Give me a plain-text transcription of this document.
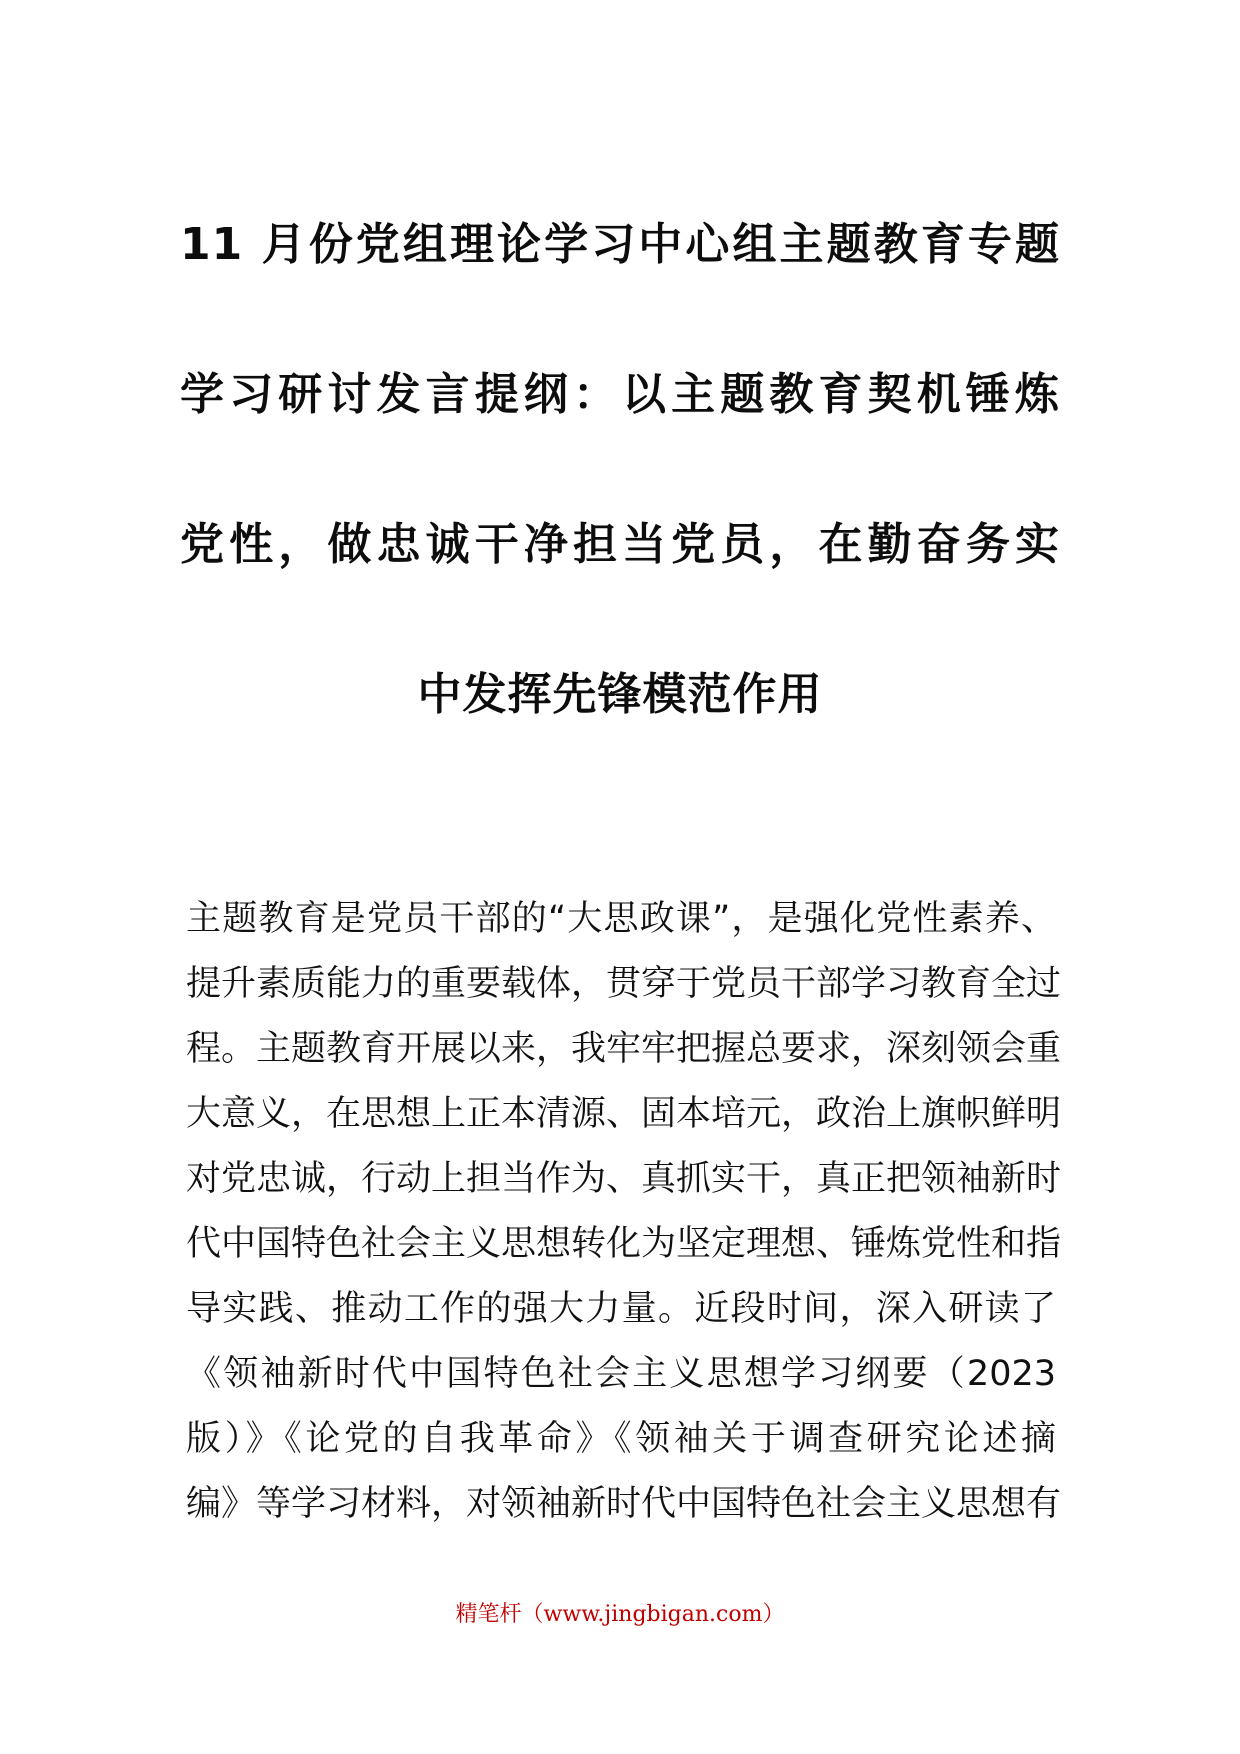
11 月份党组理论学习中心组主题教育专题
学习研讨发言提纲：以主题教育契机锤炼
党性，做忠诚干净担当党员，在勤奋务实
中发挥先锋模范作用
主题教育是党员干部的“大思政课”，是强化党性素养、
提升素质能力的重要载体，贯穿于党员干部学习教育全过
程。主题教育开展以来，我牢牢把握总要求，深刻领会重
大意义，在思想上正本清源、固本培元，政治上旗帜鲜明
对党忠诚，行动上担当作为、真抓实干，真正把领袖新时
代中国特色社会主义思想转化为坚定理想、锤炼党性和指
导实践、推动工作的强大力量。近段时间，深入研读了
《领袖新时代中国特色社会主义思想学习纲要（2023
版）》《论党的自我革命》《领袖关于调查研究论述摘
编》等学习材料，对领袖新时代中国特色社会主义思想有
精笔杆（www.jingbigan.com）
